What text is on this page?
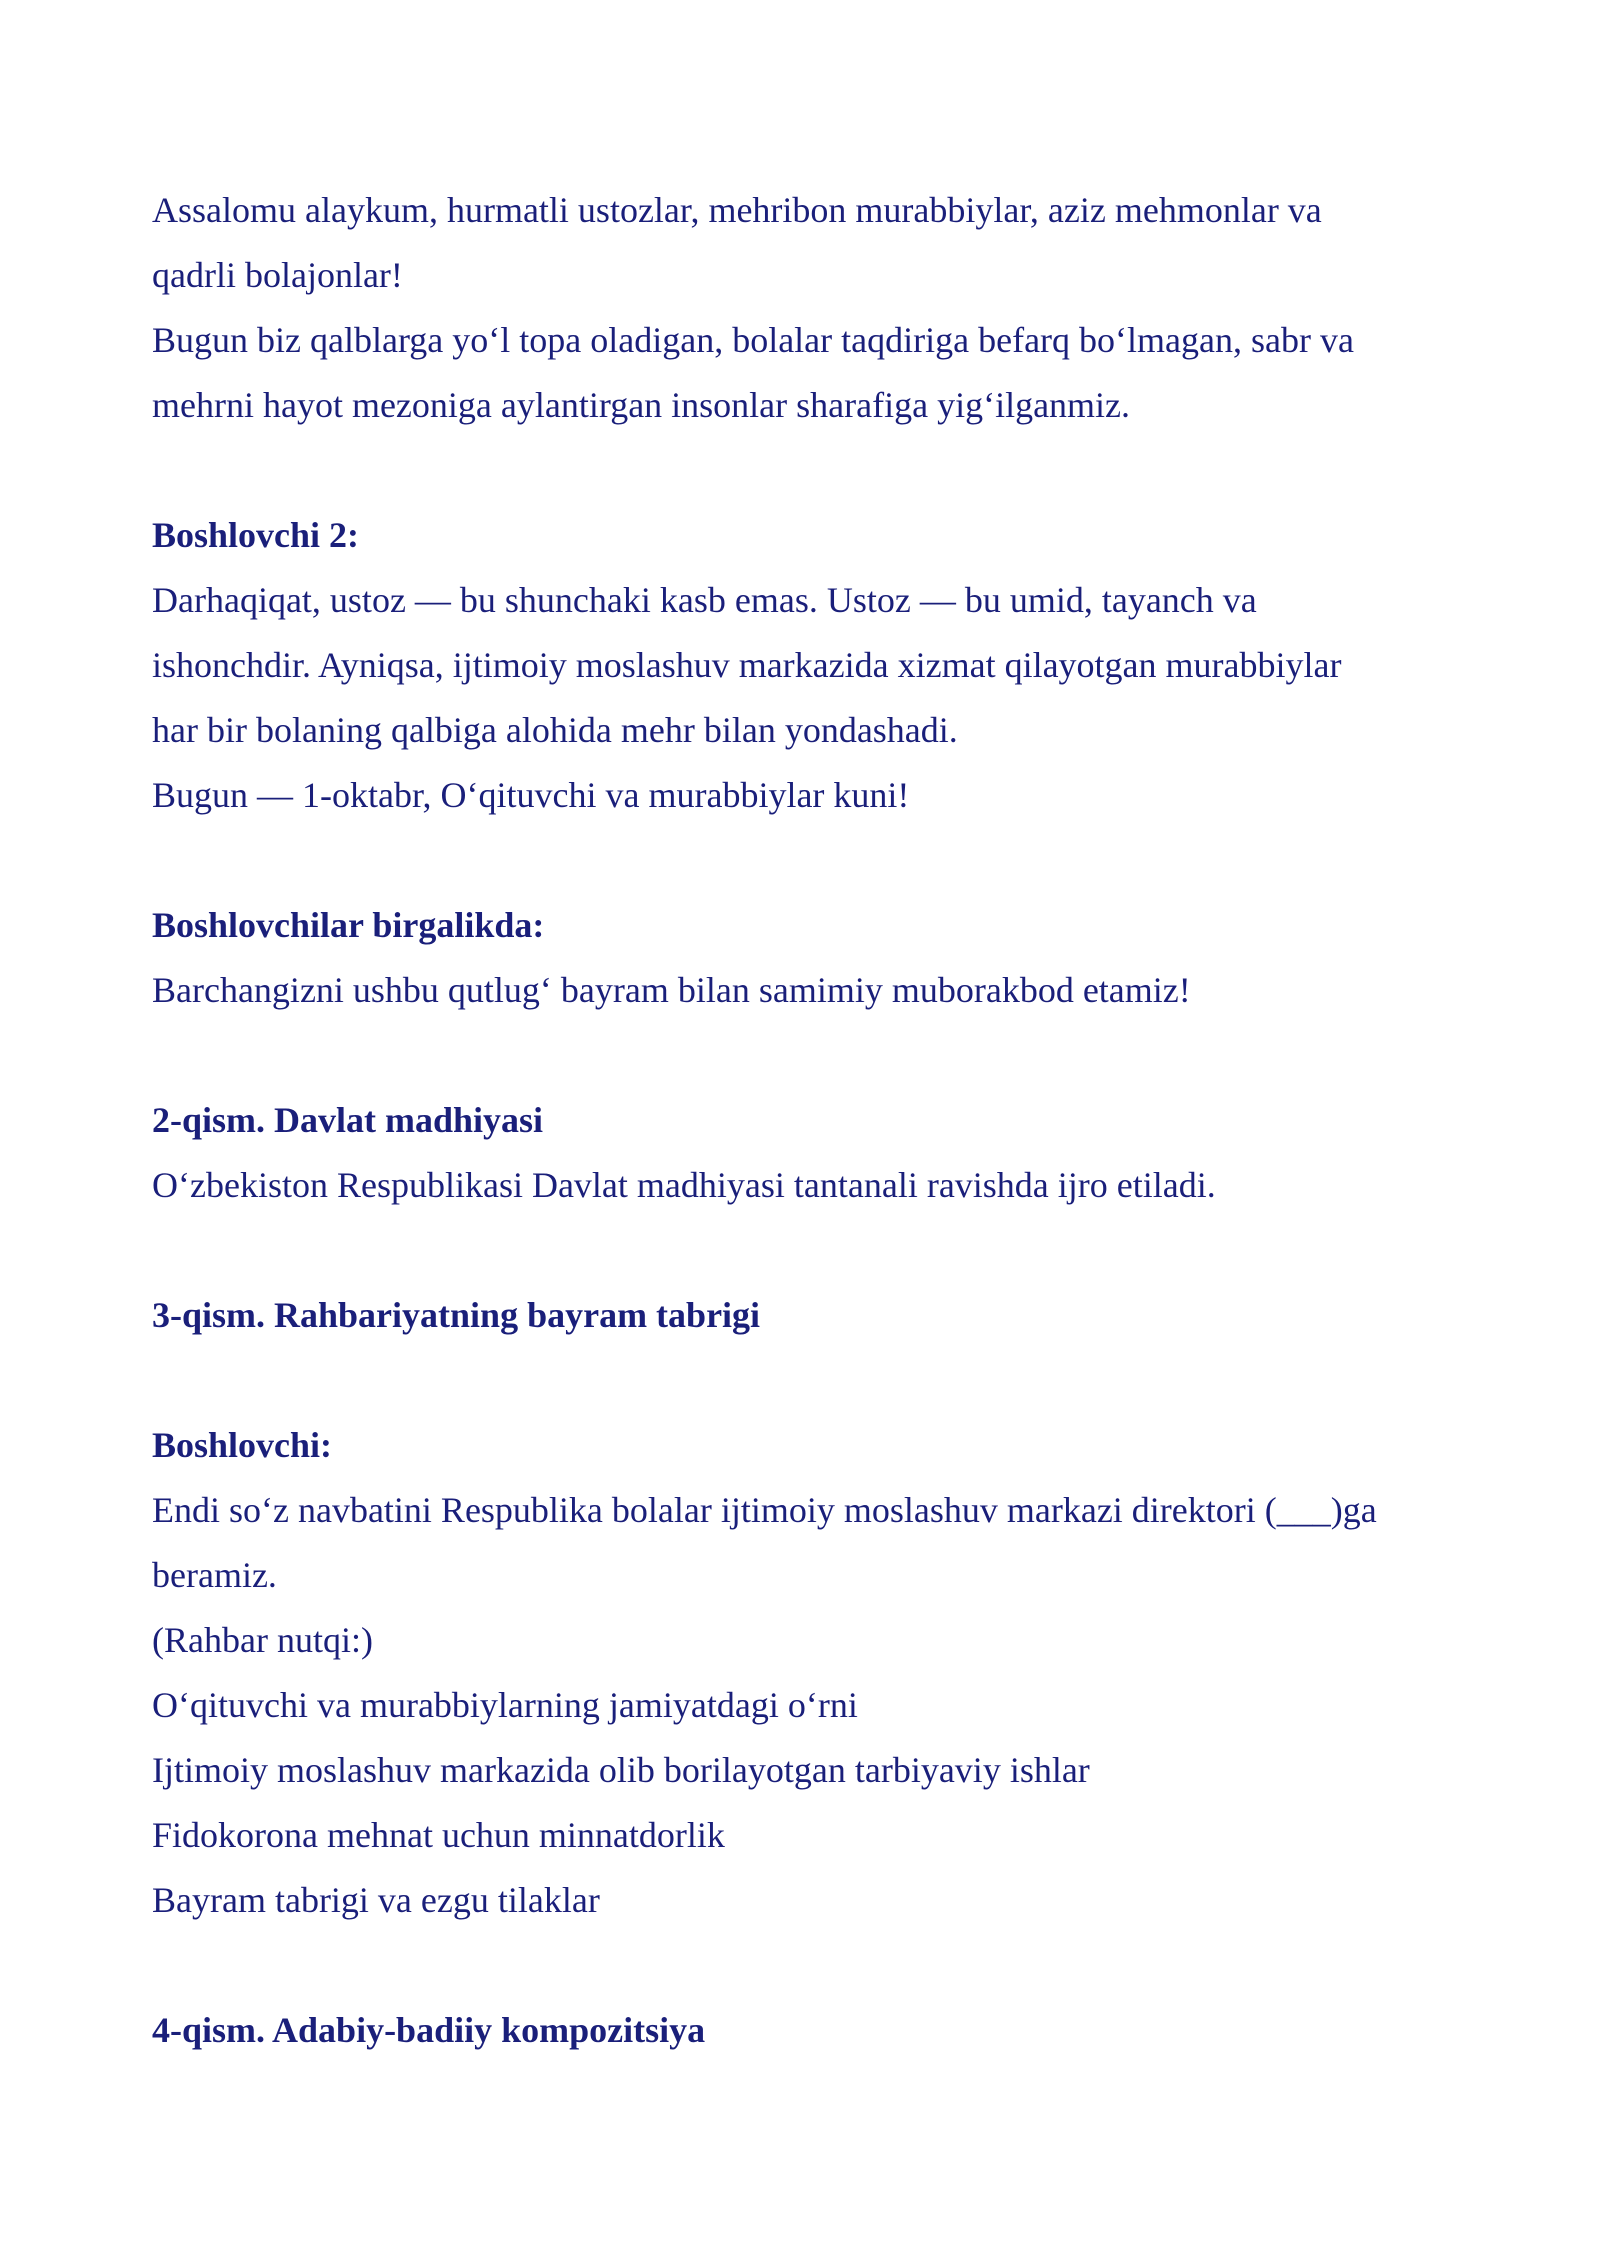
Assalomu alaykum, hurmatli ustozlar, mehribon murabbiylar, aziz mehmonlar va
qadrli bolajonlar!
Bugun biz qalblarga yo‘l topa oladigan, bolalar taqdiriga befarq bo‘lmagan, sabr va
mehrni hayot mezoniga aylantirgan insonlar sharafiga yig‘ilganmiz.
Boshlovchi 2:
Darhaqiqat, ustoz — bu shunchaki kasb emas. Ustoz — bu umid, tayanch va
ishonchdir. Ayniqsa, ijtimoiy moslashuv markazida xizmat qilayotgan murabbiylar
har bir bolaning qalbiga alohida mehr bilan yondashadi.
Bugun — 1-oktabr, O‘qituvchi va murabbiylar kuni!
Boshlovchilar birgalikda:
Barchangizni ushbu qutlug‘ bayram bilan samimiy muborakbod etamiz!
2-qism. Davlat madhiyasi
O‘zbekiston Respublikasi Davlat madhiyasi tantanali ravishda ijro etiladi.
3-qism. Rahbariyatning bayram tabrigi
Boshlovchi:
Endi so‘z navbatini Respublika bolalar ijtimoiy moslashuv markazi direktori (___)ga
beramiz.
(Rahbar nutqi:)
O‘qituvchi va murabbiylarning jamiyatdagi o‘rni
Ijtimoiy moslashuv markazida olib borilayotgan tarbiyaviy ishlar
Fidokorona mehnat uchun minnatdorlik
Bayram tabrigi va ezgu tilaklar
4-qism. Adabiy-badiiy kompozitsiya
